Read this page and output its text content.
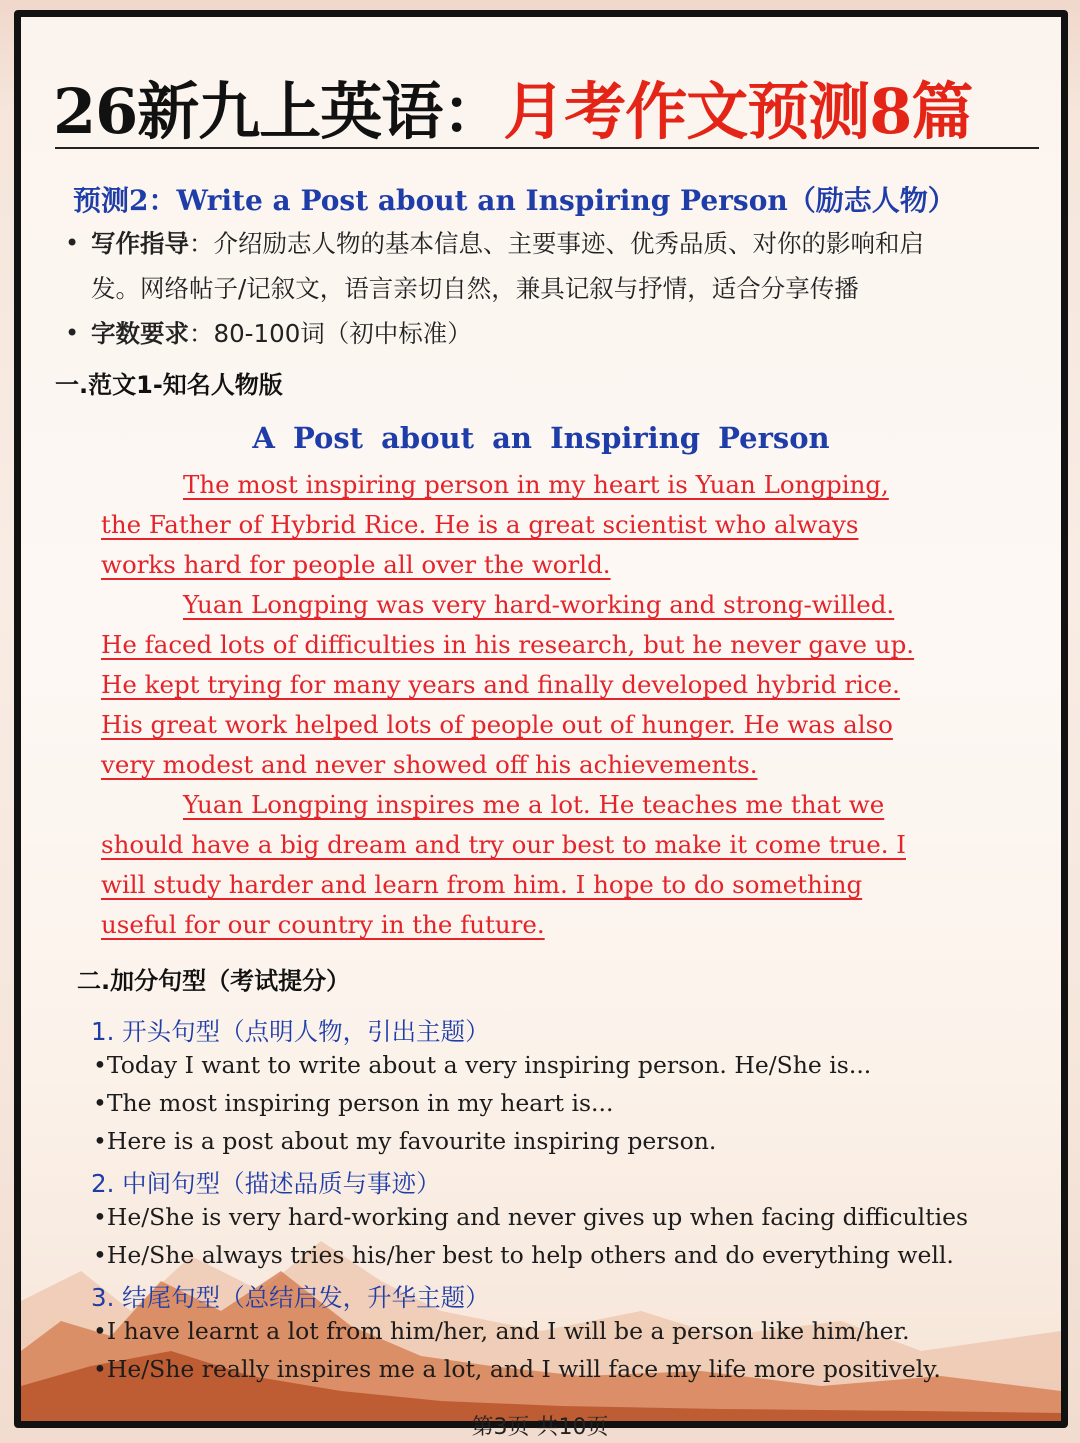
26新九上英语： 月考作文预测8篇
预测2：Write a Post about an Inspiring Person（励志人物）
• 写作指导：介绍励志人物的基本信息、主要事迹、优秀品质、对你的影响和启
发。网络帖子/记叙文，语言亲切自然，兼具记叙与抒情，适合分享传播
• 字数要求：80-100词（初中标准）
一.范文1-知名人物版
A Post about an Inspiring Person
The most inspiring person in my heart is Yuan Longping,
the Father of Hybrid Rice. He is a great scientist who always
works hard for people all over the world.
Yuan Longping was very hard-working and strong-willed.
He faced lots of difficulties in his research, but he never gave up.
He kept trying for many years and finally developed hybrid rice.
His great work helped lots of people out of hunger. He was also
very modest and never showed off his achievements.
Yuan Longping inspires me a lot. He teaches me that we
should have a big dream and try our best to make it come true. I
will study harder and learn from him. I hope to do something
useful for our country in the future.
二.加分句型（考试提分）
1. 开头句型（点明人物，引出主题）
•Today I want to write about a very inspiring person. He/She is...
•The most inspiring person in my heart is...
•Here is a post about my favourite inspiring person.
2. 中间句型（描述品质与事迹）
•He/She is very hard-working and never gives up when facing difficulties
•He/She always tries his/her best to help others and do everything well.
3. 结尾句型（总结启发，升华主题）
•I have learnt a lot from him/her, and I will be a person like him/her.
•He/She really inspires me a lot, and I will face my life more positively.
第3页 共10页
